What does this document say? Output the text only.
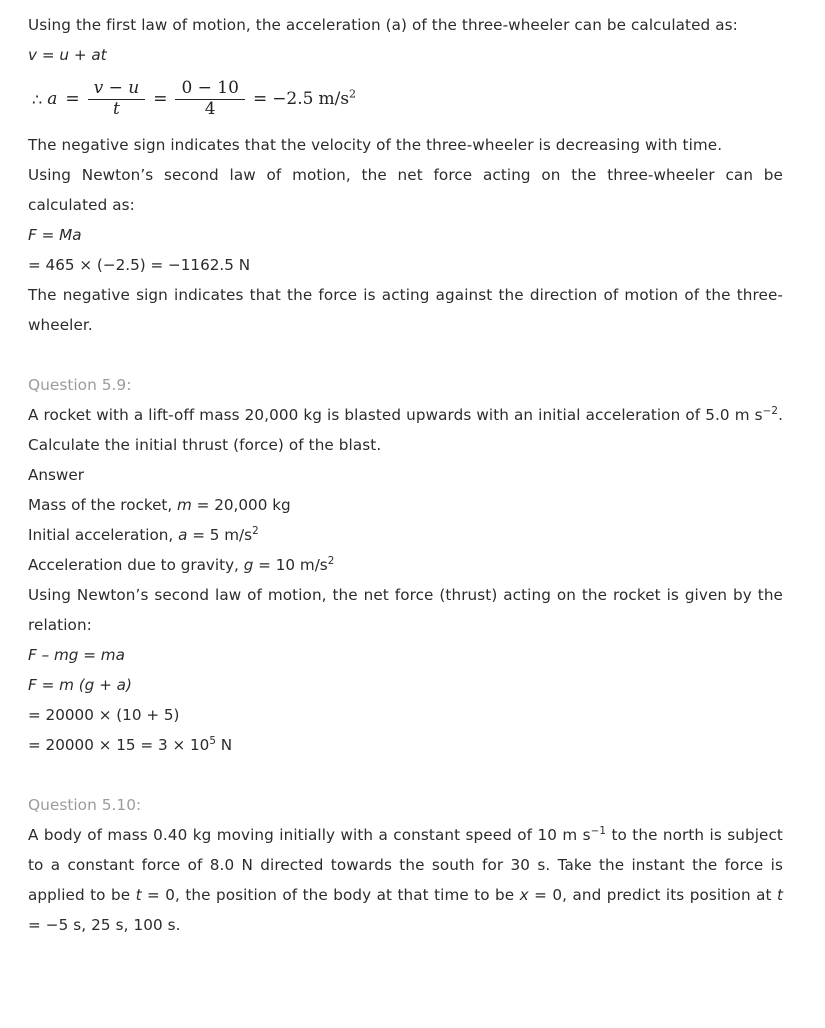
Using the first law of motion, the acceleration (a) of the three-wheeler can be calculated as:

v = u + at

∴ $a = \frac{v - u}{t} = \frac{0 - 10}{4} = -2.5$ $m/s^2$

The negative sign indicates that the velocity of the three-wheeler is decreasing with time.

Using Newton’s second law of motion, the net force acting on the three-wheeler can be calculated as:

F = Ma

= 465 × (−2.5) = −1162.5 N

The negative sign indicates that the force is acting against the direction of motion of the three-wheeler.

Question 5.9:

A rocket with a lift-off mass 20,000 kg is blasted upwards with an initial acceleration of 5.0 m $s^{-2}$. Calculate the initial thrust (force) of the blast.

Answer

Mass of the rocket, m = 20,000 kg

Initial acceleration, a = 5 $m/s^2$

Acceleration due to gravity, g = 10 $m/s^2$

Using Newton’s second law of motion, the net force (thrust) acting on the rocket is given by the relation:

F – mg = ma

F = m (g + a)

= 20000 × (10 + 5)

= $20000 \times 15 = 3 \times 10^5$ N

Question 5.10:

A body of mass 0.40 kg moving initially with a constant speed of 10 m $s^{-1}$ to the north is subject to a constant force of 8.0 N directed towards the south for 30 s. Take the instant the force is applied to be t = 0, the position of the body at that time to be x = 0, and predict its position at t = −5 s, 25 s, 100 s.
